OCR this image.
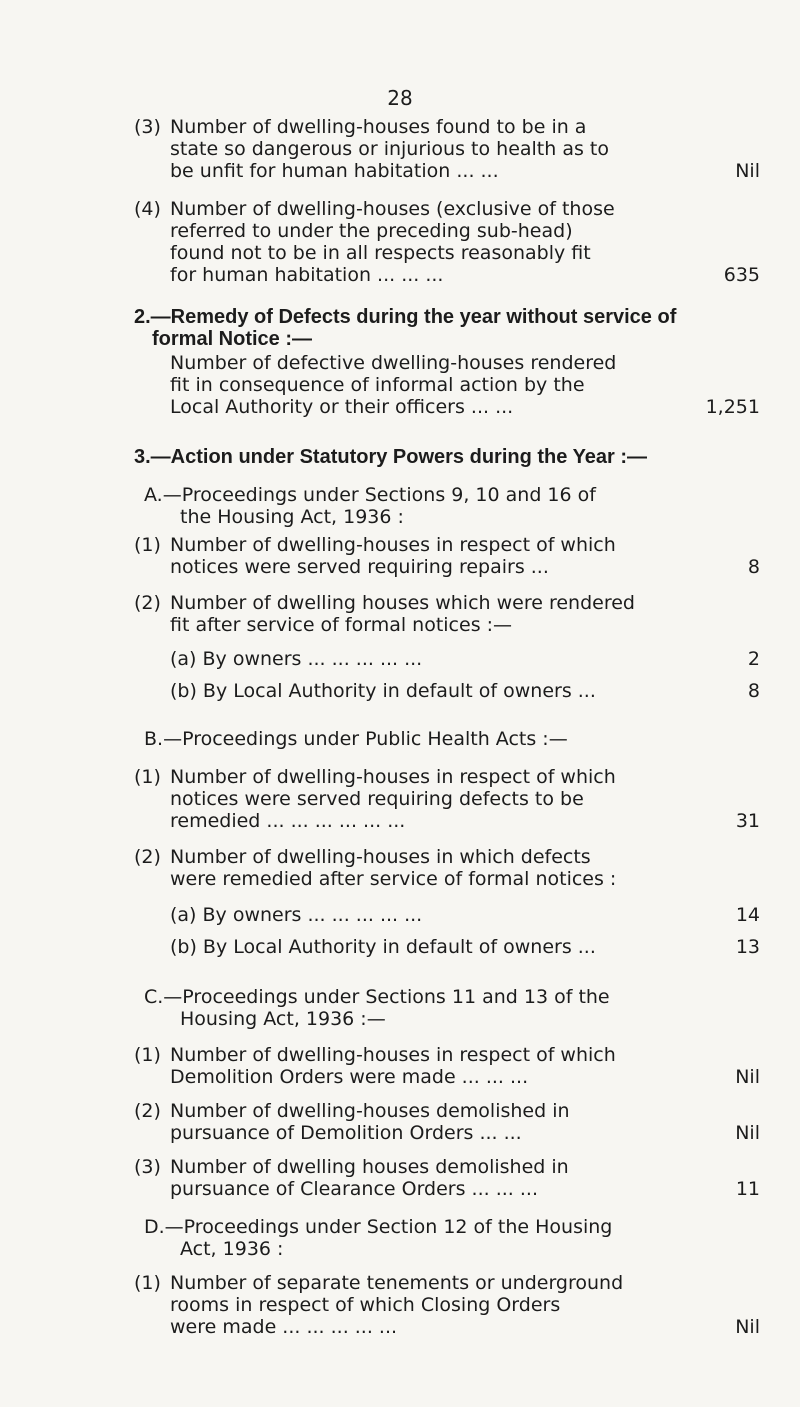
28
(3) Number of dwelling-houses found to be in a
state so dangerous or injurious to health as to
be unfit for human habitation ... ...	Nil
(4) Number of dwelling-houses (exclusive of those
referred to under the preceding sub-head)
found not to be in all respects reasonably fit
for human habitation ... ... ...	635
2.—Remedy of Defects during the year without service of
formal Notice :—
Number of defective dwelling-houses rendered
fit in consequence of informal action by the
Local Authority or their officers ... ...	1,251
3.—Action under Statutory Powers during the Year :—
A.—Proceedings under Sections 9, 10 and 16 of
the Housing Act, 1936 :
(1) Number of dwelling-houses in respect of which
notices were served requiring repairs ...	8
(2) Number of dwelling houses which were rendered
fit after service of formal notices :—
(a) By owners ... ... ... ... ...	2
(b) By Local Authority in default of owners ...	8
B.—Proceedings under Public Health Acts :—
(1) Number of dwelling-houses in respect of which
notices were served requiring defects to be
remedied ... ... ... ... ... ...	31
(2) Number of dwelling-houses in which defects
were remedied after service of formal notices :
(a) By owners ... ... ... ... ...	14
(b) By Local Authority in default of owners ...	13
C.—Proceedings under Sections 11 and 13 of the
Housing Act, 1936 :—
(1) Number of dwelling-houses in respect of which
Demolition Orders were made ... ... ...	Nil
(2) Number of dwelling-houses demolished in
pursuance of Demolition Orders ... ...	Nil
(3) Number of dwelling houses demolished in
pursuance of Clearance Orders ... ... ...	11
D.—Proceedings under Section 12 of the Housing
Act, 1936 :
(1) Number of separate tenements or underground
rooms in respect of which Closing Orders
were made ... ... ... ... ...	Nil
